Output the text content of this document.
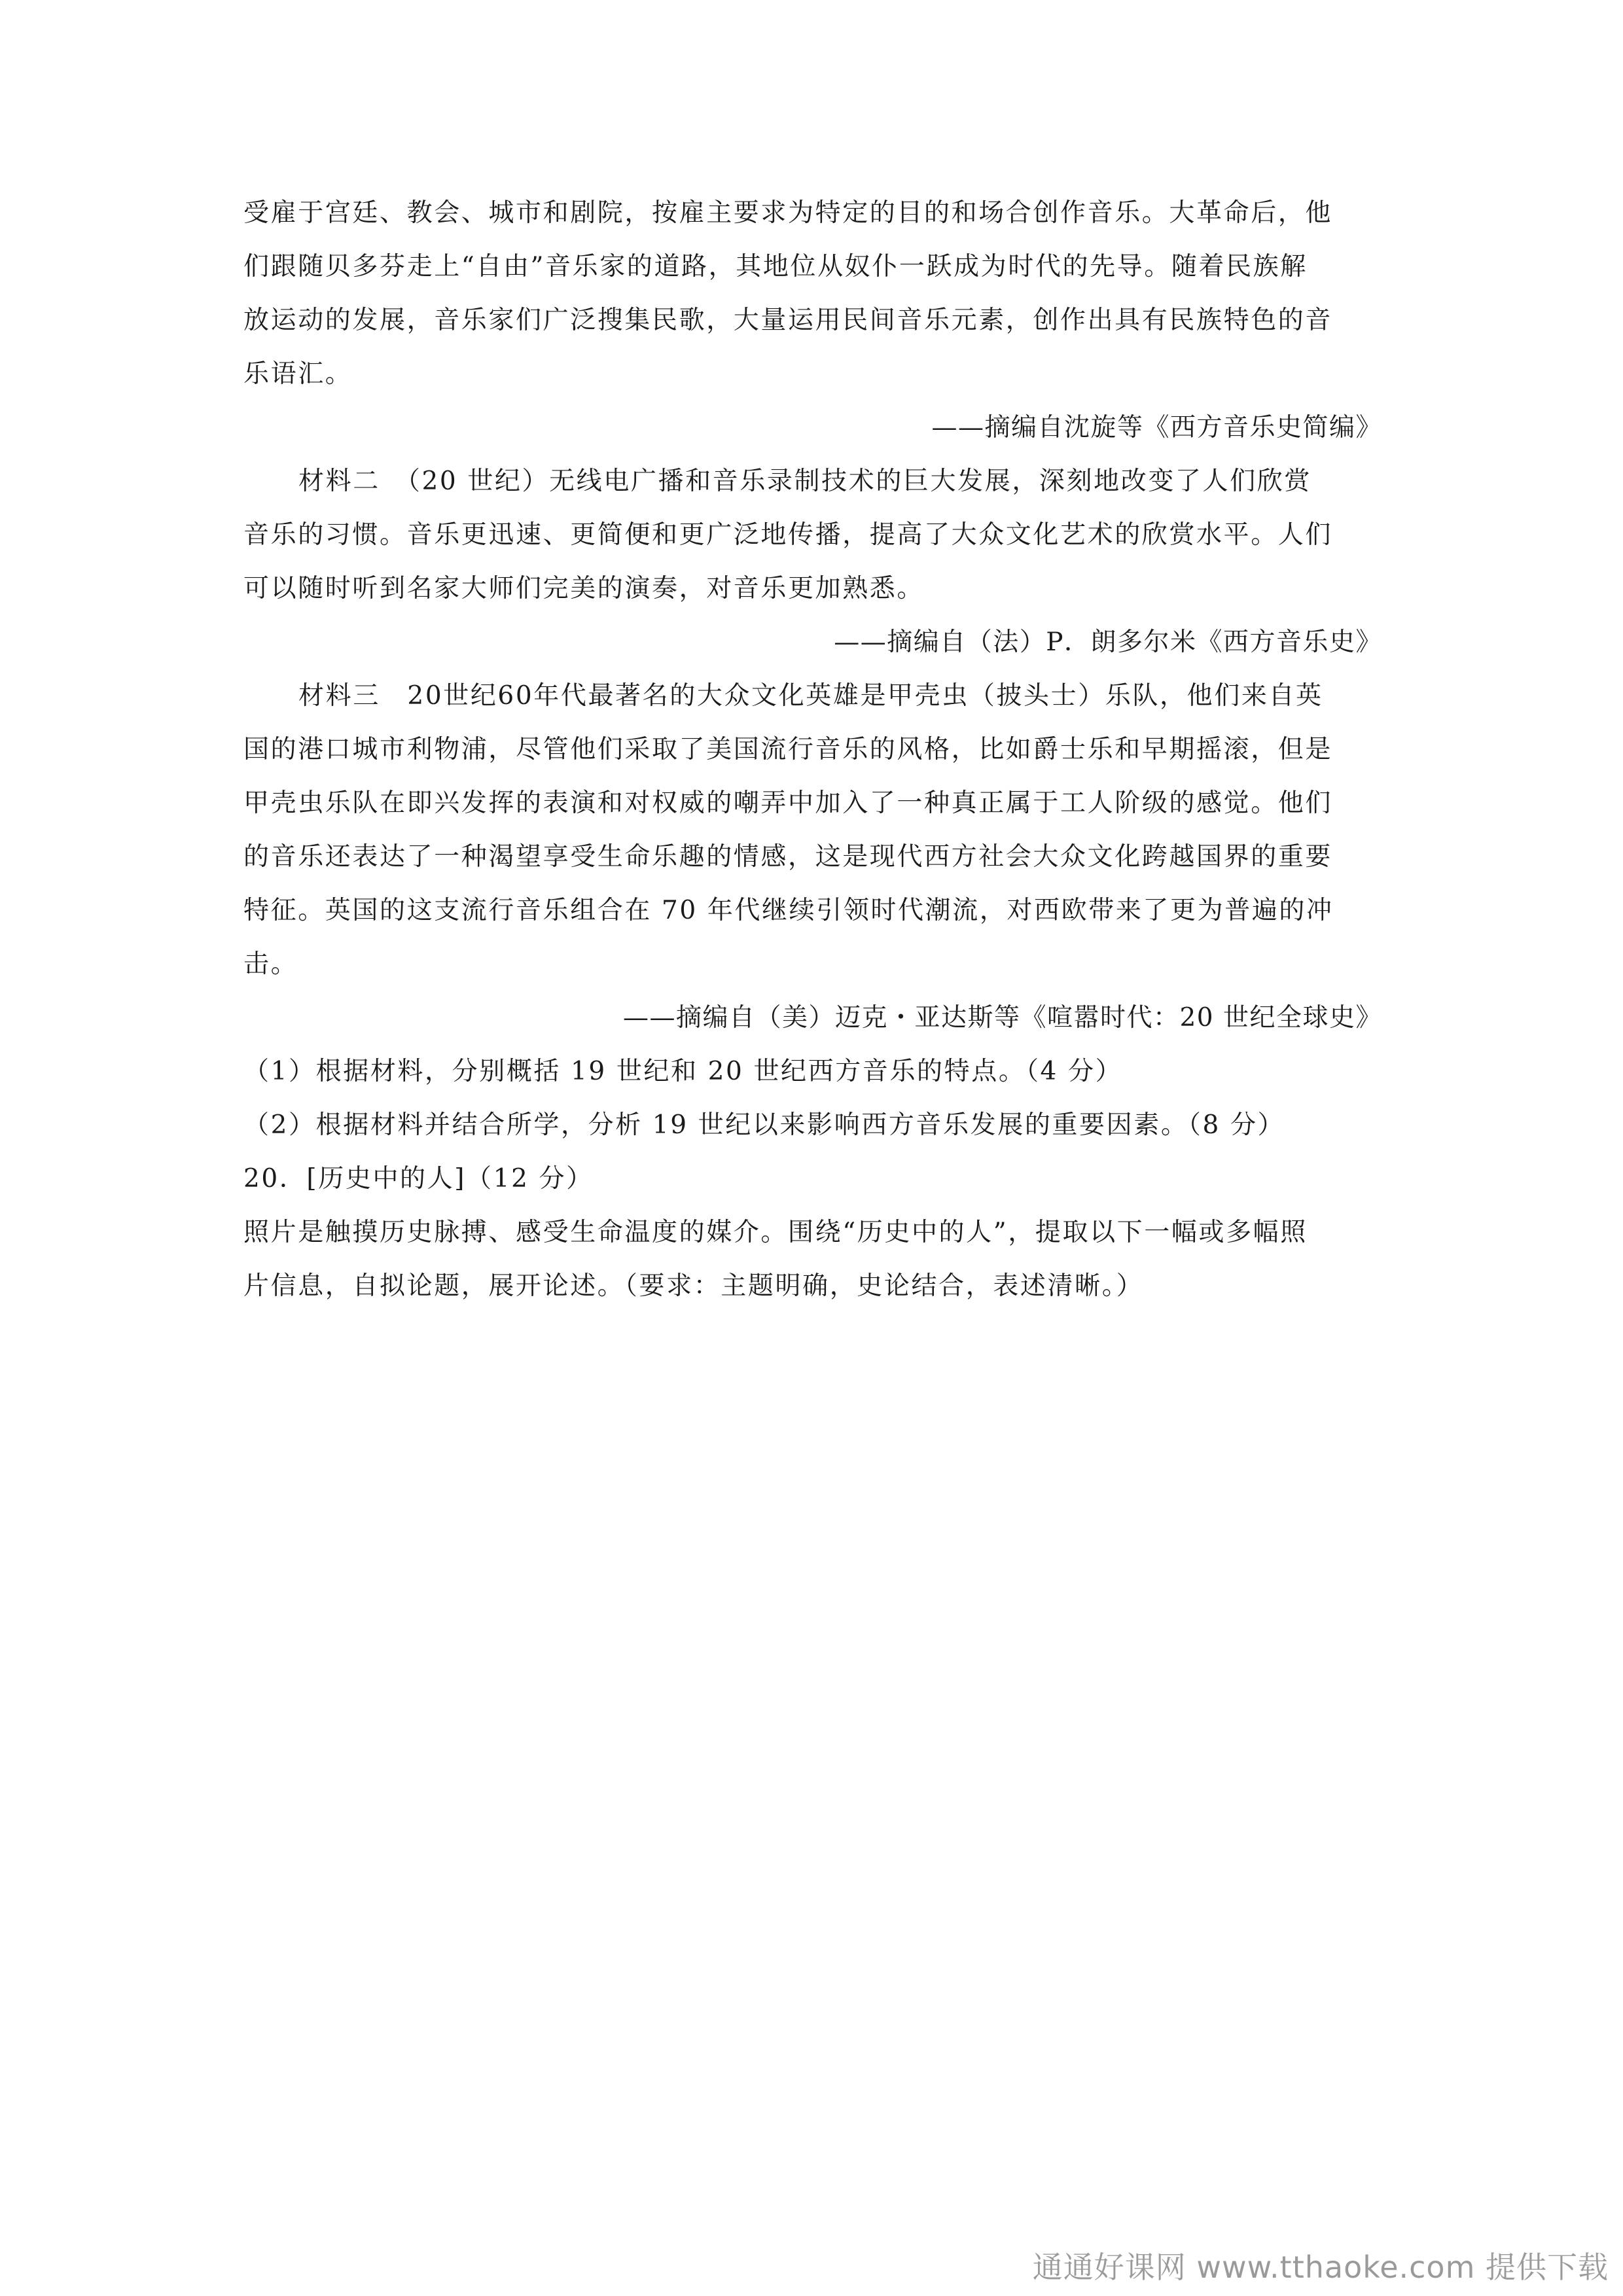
受雇于宫廷、教会、城市和剧院，按雇主要求为特定的目的和场合创作音乐。大革命后，他
们跟随贝多芬走上“自由”音乐家的道路，其地位从奴仆一跃成为时代的先导。随着民族解
放运动的发展，音乐家们广泛搜集民歌，大量运用民间音乐元素，创作出具有民族特色的音
乐语汇。
——摘编自沈旋等《西方音乐史简编》
材料二　（20 世纪）无线电广播和音乐录制技术的巨大发展，深刻地改变了人们欣赏
音乐的习惯。音乐更迅速、更简便和更广泛地传播，提高了大众文化艺术的欣赏水平。人们
可以随时听到名家大师们完美的演奏，对音乐更加熟悉。
——摘编自（法）P．朗多尔米《西方音乐史》
材料三　20世纪60年代最著名的大众文化英雄是甲壳虫（披头士）乐队，他们来自英
国的港口城市利物浦，尽管他们采取了美国流行音乐的风格，比如爵士乐和早期摇滚，但是
甲壳虫乐队在即兴发挥的表演和对权威的嘲弄中加入了一种真正属于工人阶级的感觉。他们
的音乐还表达了一种渴望享受生命乐趣的情感，这是现代西方社会大众文化跨越国界的重要
特征。英国的这支流行音乐组合在 70 年代继续引领时代潮流，对西欧带来了更为普遍的冲
击。
——摘编自（美）迈克・亚达斯等《喧嚣时代：20 世纪全球史》
（1）根据材料，分别概括 19 世纪和 20 世纪西方音乐的特点。（4 分）
（2）根据材料并结合所学，分析 19 世纪以来影响西方音乐发展的重要因素。（8 分）
20．[历史中的人]（12 分）
照片是触摸历史脉搏、感受生命温度的媒介。围绕“历史中的人”，提取以下一幅或多幅照
片信息，自拟论题，展开论述。（要求：主题明确，史论结合，表述清晰。）
通通好课网 www.tthaoke.com 提供下载
